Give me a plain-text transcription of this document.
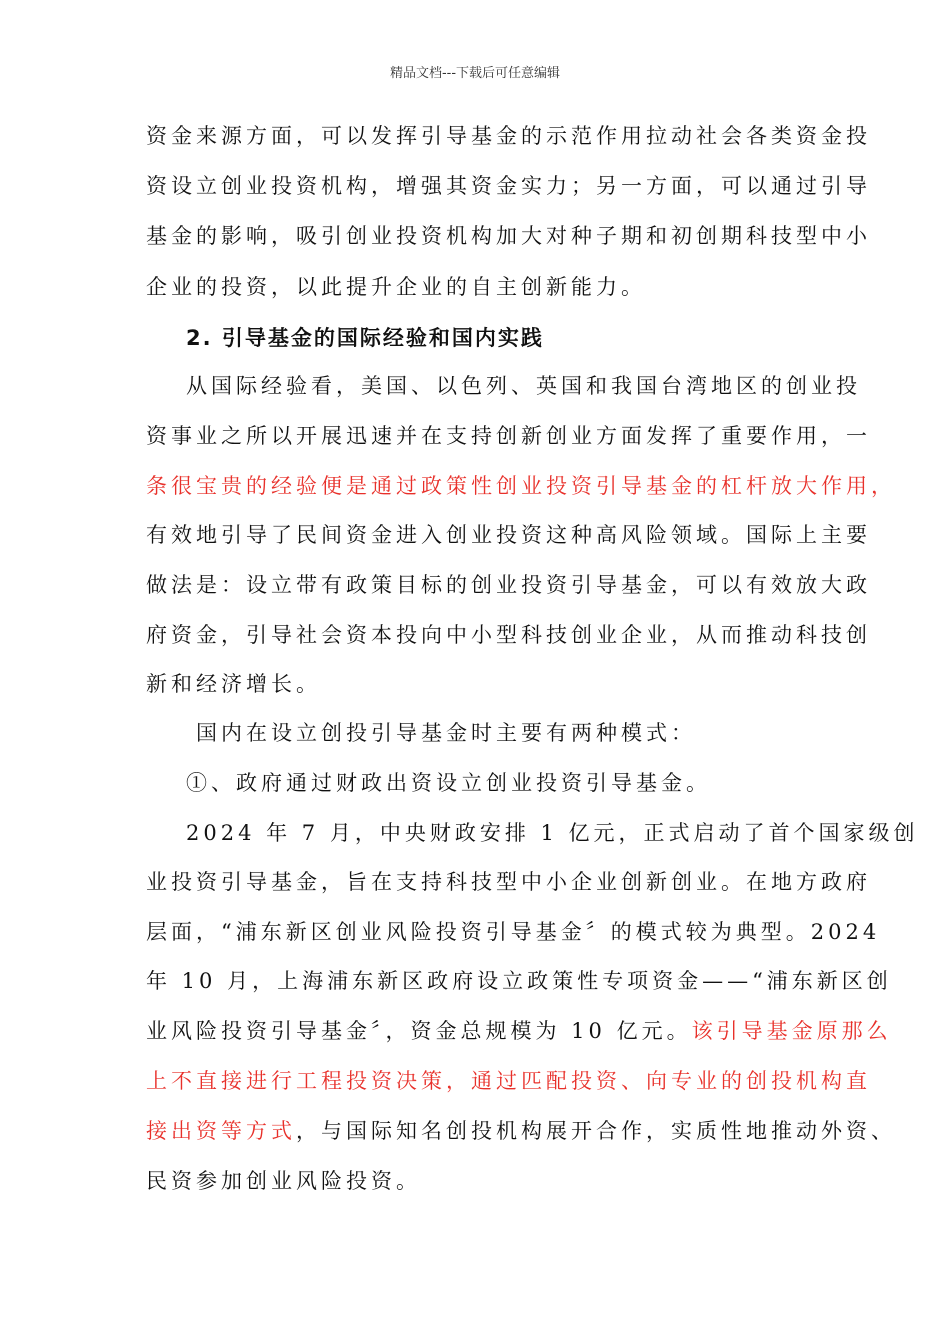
精品文档---下载后可任意编辑
资金来源方面，可以发挥引导基金的示范作用拉动社会各类资金投
资设立创业投资机构，增强其资金实力；另一方面，可以通过引导
基金的影响，吸引创业投资机构加大对种子期和初创期科技型中小
企业的投资，以此提升企业的自主创新能力。
2. 引导基金的国际经验和国内实践
从国际经验看，美国、以色列、英国和我国台湾地区的创业投
资事业之所以开展迅速并在支持创新创业方面发挥了重要作用，一
条很宝贵的经验便是通过政策性创业投资引导基金的杠杆放大作用，
有效地引导了民间资金进入创业投资这种高风险领域。国际上主要
做法是：设立带有政策目标的创业投资引导基金，可以有效放大政
府资金，引导社会资本投向中小型科技创业企业，从而推动科技创
新和经济增长。
国内在设立创投引导基金时主要有两种模式：
①、政府通过财政出资设立创业投资引导基金。
2024 年 7 月，中央财政安排 1 亿元，正式启动了首个国家级创
业投资引导基金，旨在支持科技型中小企业创新创业。在地方政府
层面，“浦东新区创业风险投资引导基金〞的模式较为典型。2024
年 10 月，上海浦东新区政府设立政策性专项资金——“浦东新区创
业风险投资引导基金〞，资金总规模为 10 亿元。该引导基金原那么
上不直接进行工程投资决策，通过匹配投资、向专业的创投机构直
接出资等方式，与国际知名创投机构展开合作，实质性地推动外资、
民资参加创业风险投资。
